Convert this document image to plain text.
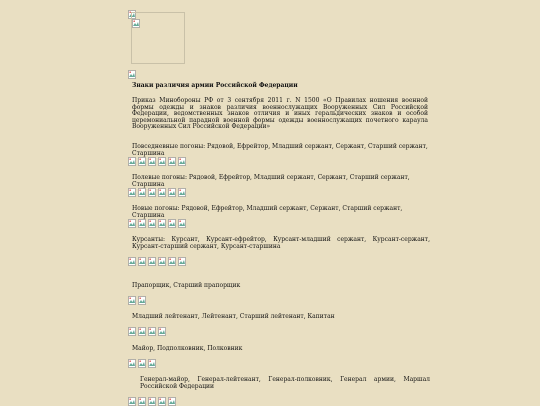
Знаки различия армии Российской Федерации
Приказ Минобороны РФ от 3 сентября 2011 г. N 1500 «О Правилах ношения военной формы одежды и знаков различия военнослужащих Вооруженных Сил Российской Федерации, ведомственных знаков отличия и иных геральдических знаков и особой церемониальной парадной военной формы одежды военнослужащих почетного караула Вооруженных Сил Российской Федерации»
Повседневные погоны: Рядовой, Ефрейтор, Младший сержант, Сержант, Старший сержант, Старшина
Полевые погоны: Рядовой, Ефрейтор, Младший сержант, Сержант, Старший сержант, Старшина
Новые погоны: Рядовой, Ефрейтор, Младший сержант, Сержант, Старший сержант, Старшина
Курсанты: Курсант, Курсант-ефрейтор, Курсант-младший сержант, Курсант-сержант, Курсант-старший сержант, Курсант-старшина
Прапорщик, Старший прапорщик
Младший лейтенант, Лейтенант, Старший лейтенант, Капитан
Майор, Подполковник, Полковник
Генерал-майор, Генерал-лейтенант, Генерал-полковник, Генерал армии, Маршал Российской Федерации
